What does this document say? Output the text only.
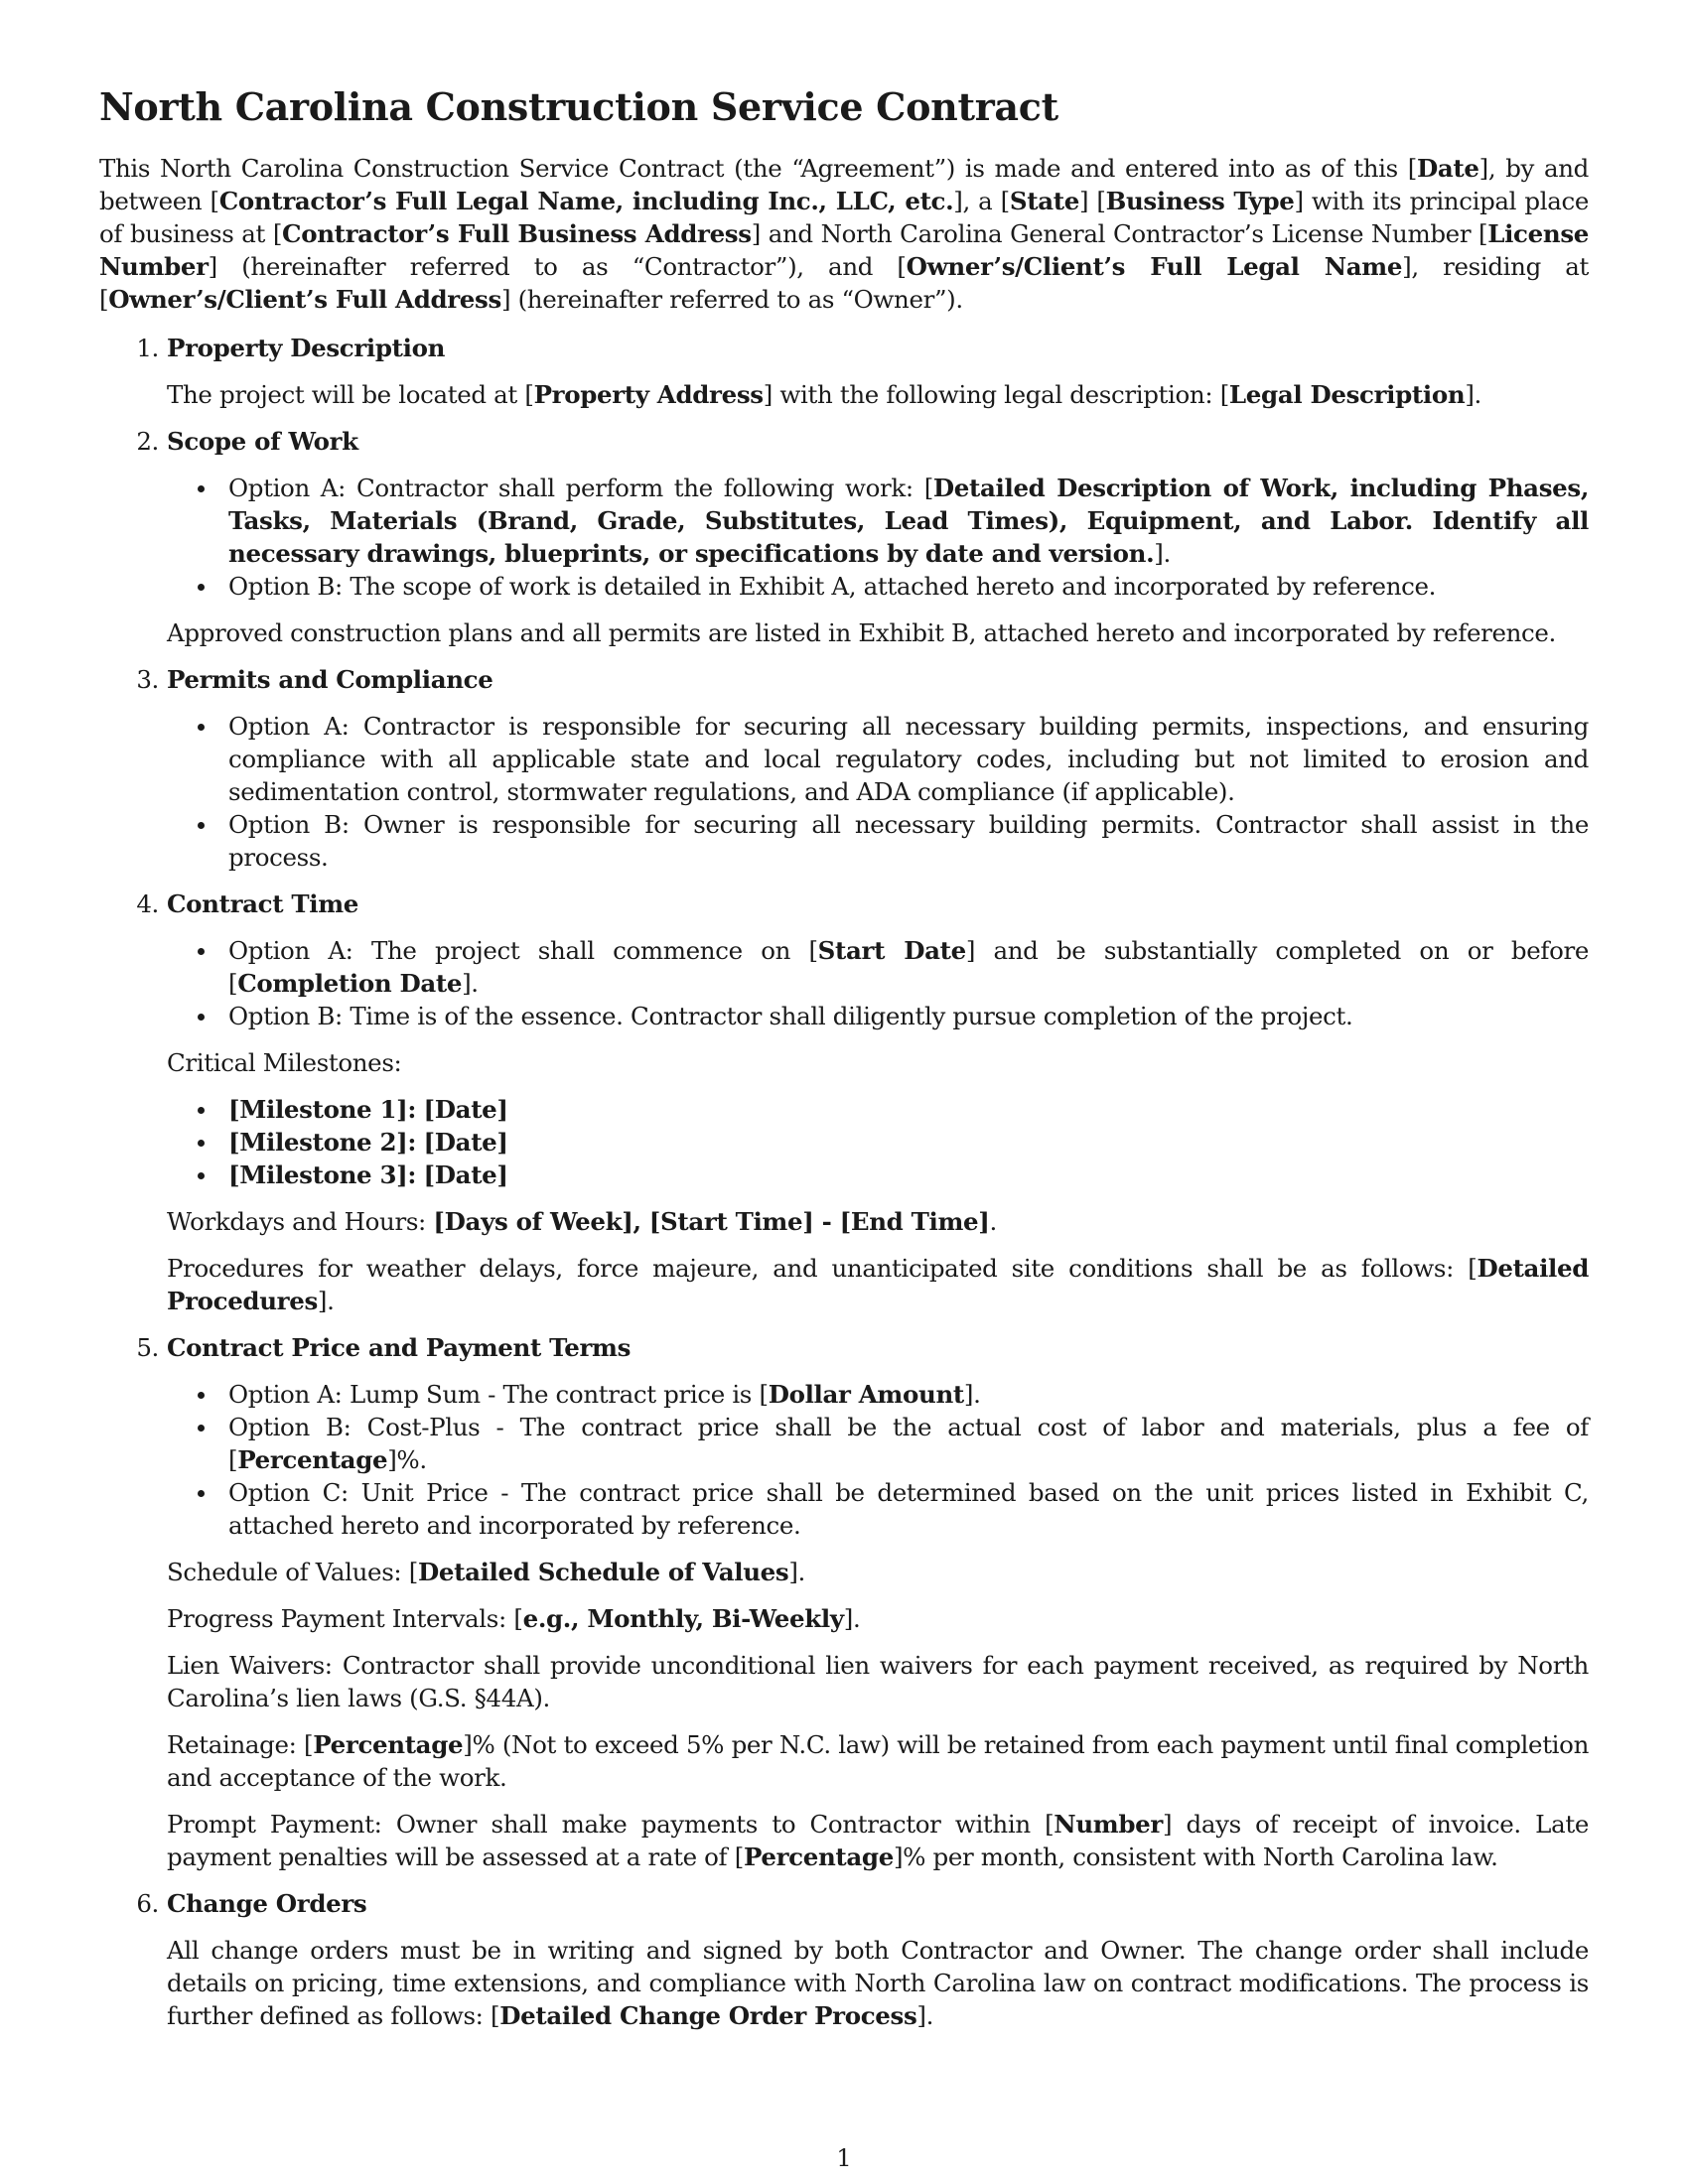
North Carolina Construction Service Contract

This North Carolina Construction Service Contract (the “Agreement”) is made and entered into as of this [Date], by and between [Contractor’s Full Legal Name, including Inc., LLC, etc.], a [State] [Business Type] with its principal place of business at [Contractor’s Full Business Address] and North Carolina General Contractor’s License Number [License Number] (hereinafter referred to as “Contractor”), and [Owner’s/Client’s Full Legal Name], residing at [Owner’s/Client’s Full Address] (hereinafter referred to as “Owner”).

1. Property Description
The project will be located at [Property Address] with the following legal description: [Legal Description].
2. Scope of Work
Option A: Contractor shall perform the following work: [Detailed Description of Work, including Phases, Tasks, Materials (Brand, Grade, Substitutes, Lead Times), Equipment, and Labor. Identify all necessary drawings, blueprints, or specifications by date and version.].
Option B: The scope of work is detailed in Exhibit A, attached hereto and incorporated by reference.
Approved construction plans and all permits are listed in Exhibit B, attached hereto and incorporated by reference.
3. Permits and Compliance
Option A: Contractor is responsible for securing all necessary building permits, inspections, and ensuring compliance with all applicable state and local regulatory codes, including but not limited to erosion and sedimentation control, stormwater regulations, and ADA compliance (if applicable).
Option B: Owner is responsible for securing all necessary building permits. Contractor shall assist in the process.
4. Contract Time
Option A: The project shall commence on [Start Date] and be substantially completed on or before [Completion Date].
Option B: Time is of the essence. Contractor shall diligently pursue completion of the project.
Critical Milestones:
[Milestone 1]: [Date]
[Milestone 2]: [Date]
[Milestone 3]: [Date]
Workdays and Hours: [Days of Week], [Start Time] - [End Time].
Procedures for weather delays, force majeure, and unanticipated site conditions shall be as follows: [Detailed Procedures].
5. Contract Price and Payment Terms
Option A: Lump Sum - The contract price is [Dollar Amount].
Option B: Cost-Plus - The contract price shall be the actual cost of labor and materials, plus a fee of [Percentage]%.
Option C: Unit Price - The contract price shall be determined based on the unit prices listed in Exhibit C, attached hereto and incorporated by reference.
Schedule of Values: [Detailed Schedule of Values].
Progress Payment Intervals: [e.g., Monthly, Bi-Weekly].
Lien Waivers: Contractor shall provide unconditional lien waivers for each payment received, as required by North Carolina’s lien laws (G.S. §44A).
Retainage: [Percentage]% (Not to exceed 5% per N.C. law) will be retained from each payment until final completion and acceptance of the work.
Prompt Payment: Owner shall make payments to Contractor within [Number] days of receipt of invoice. Late payment penalties will be assessed at a rate of [Percentage]% per month, consistent with North Carolina law.
6. Change Orders
All change orders must be in writing and signed by both Contractor and Owner. The change order shall include details on pricing, time extensions, and compliance with North Carolina law on contract modifications. The process is further defined as follows: [Detailed Change Order Process].
1
